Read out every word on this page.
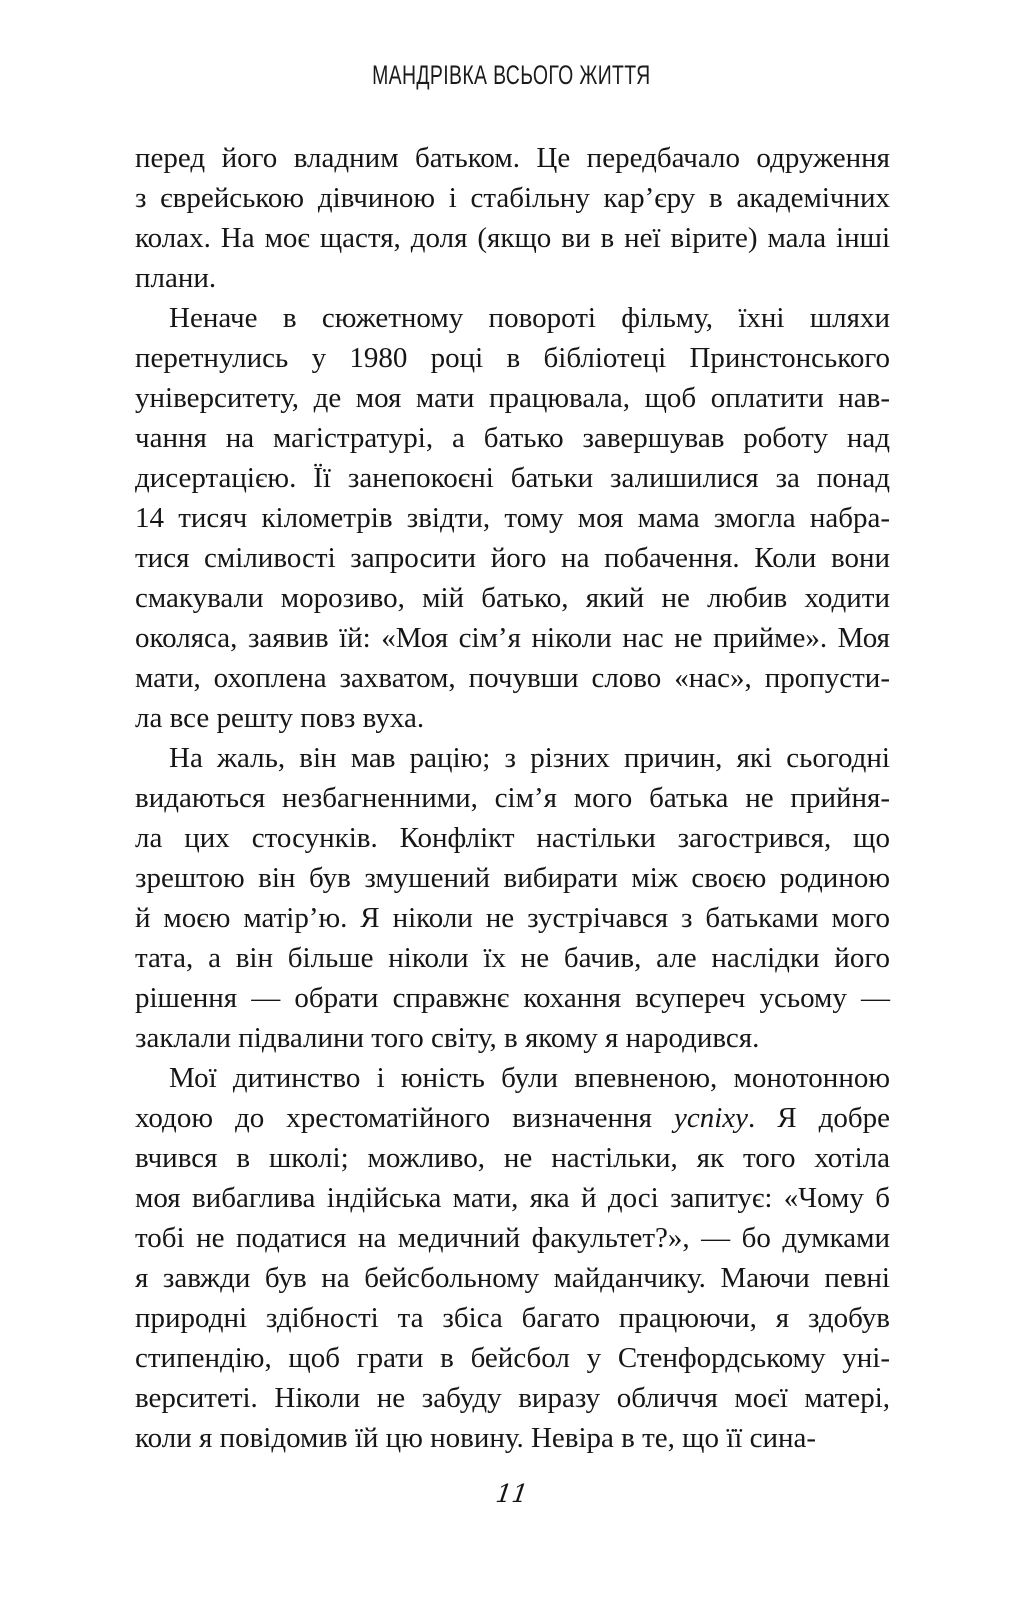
МАНДРІВКА ВСЬОГО ЖИТТЯ
перед його владним батьком. Це передбачало одруження
з єврейською дівчиною і стабільну кар’єру в академічних
колах. На моє щастя, доля (якщо ви в неї вірите) мала інші
плани.
Неначе в сюжетному повороті фільму, їхні шляхи
перетнулись у 1980 році в бібліотеці Принстонського
університету, де моя мати працювала, щоб оплатити нав-
чання на магістратурі, а батько завершував роботу над
дисертацією. Її занепокоєні батьки залишилися за понад
14 тисяч кілометрів звідти, тому моя мама змогла набра-
тися сміливості запросити його на побачення. Коли вони
смакували морозиво, мій батько, який не любив ходити
околяса, заявив їй: «Моя сім’я ніколи нас не прийме». Моя
мати, охоплена захватом, почувши слово «нас», пропусти-
ла все решту повз вуха.
На жаль, він мав рацію; з різних причин, які сьогодні
видаються незбагненними, сім’я мого батька не прийня-
ла цих стосунків. Конфлікт настільки загострився, що
зрештою він був змушений вибирати між своєю родиною
й моєю матір’ю. Я ніколи не зустрічався з батьками мого
тата, а він більше ніколи їх не бачив, але наслідки його
рішення — обрати справжнє кохання всупереч усьому —
заклали підвалини того світу, в якому я народився.
Мої дитинство і юність були впевненою, монотонною
ходою до хрестоматійного визначення успіху. Я добре
вчився в школі; можливо, не настільки, як того хотіла
моя вибаглива індійська мати, яка й досі запитує: «Чому б
тобі не податися на медичний факультет?», — бо думками
я завжди був на бейсбольному майданчику. Маючи певні
природні здібності та збіса багато працюючи, я здобув
стипендію, щоб грати в бейсбол у Стенфордському уні-
верситеті. Ніколи не забуду виразу обличчя моєї матері,
коли я повідомив їй цю новину. Невіра в те, що її сина-
11
